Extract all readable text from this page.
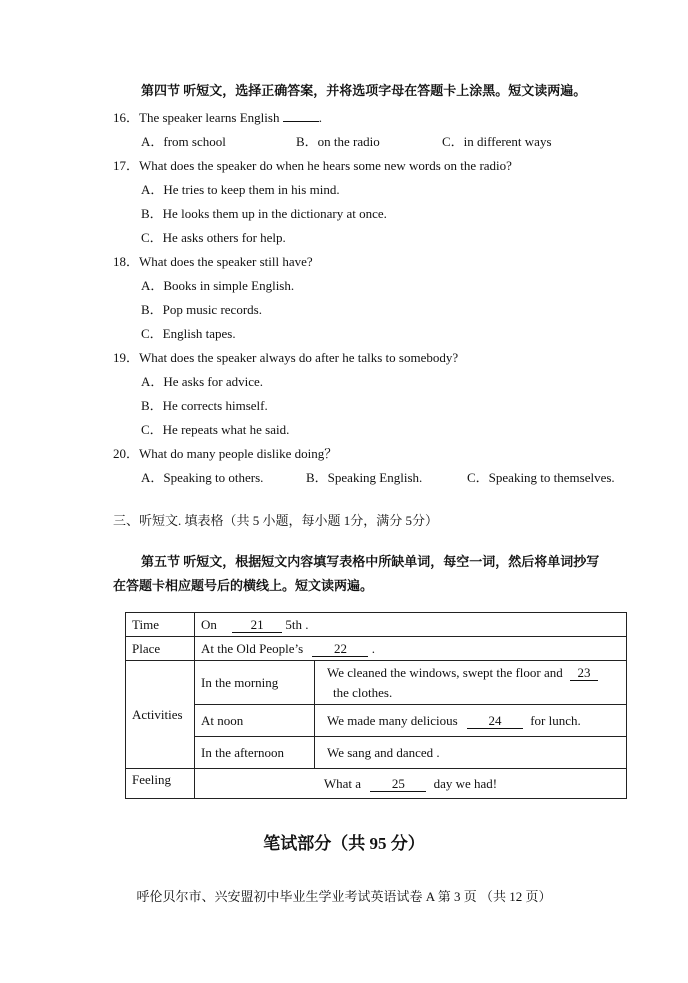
第四节 听短文，选择正确答案，并将选项字母在答题卡上涂黑。短文读两遍。
16．The speaker learns English	.
A．from school	B．on the radio	C．in different ways
17．What does the speaker do when he hears some new words on the radio?
A．He tries to keep them in his mind.
B．He looks them up in the dictionary at once.
C．He asks others for help.
18．What does the speaker still have?
A．Books in simple English.
B．Pop music records.
C．English tapes.
19．What does the speaker always do after he talks to somebody?
A．He asks for advice.
B．He corrects himself.
C．He repeats what he said.
20．What do many people dislike doing？
A．Speaking to others.	B．Speaking English.	C．Speaking to themselves.
三、听短文. 填表格（共 5 小题，每小题 1分，满分 5分）
第五节 听短文，根据短文内容填写表格中所缺单词，每空一词，然后将单词抄写
在答题卡相应题号后的横线上。短文读两遍。
Time	On 21 5th .	
Place	At the Old People’s 22 .	
Activities	In the morning	We cleaned the windows, swept the floor and 23
the clothes.
	At noon	We made many delicious 24 for lunch.
	In the afternoon	We sang and danced .
Feeling	What a 25 day we had!	
笔试部分（共 95 分）
呼伦贝尔市、兴安盟初中毕业生学业考试英语试卷 A 第 3 页 （共 12 页）
